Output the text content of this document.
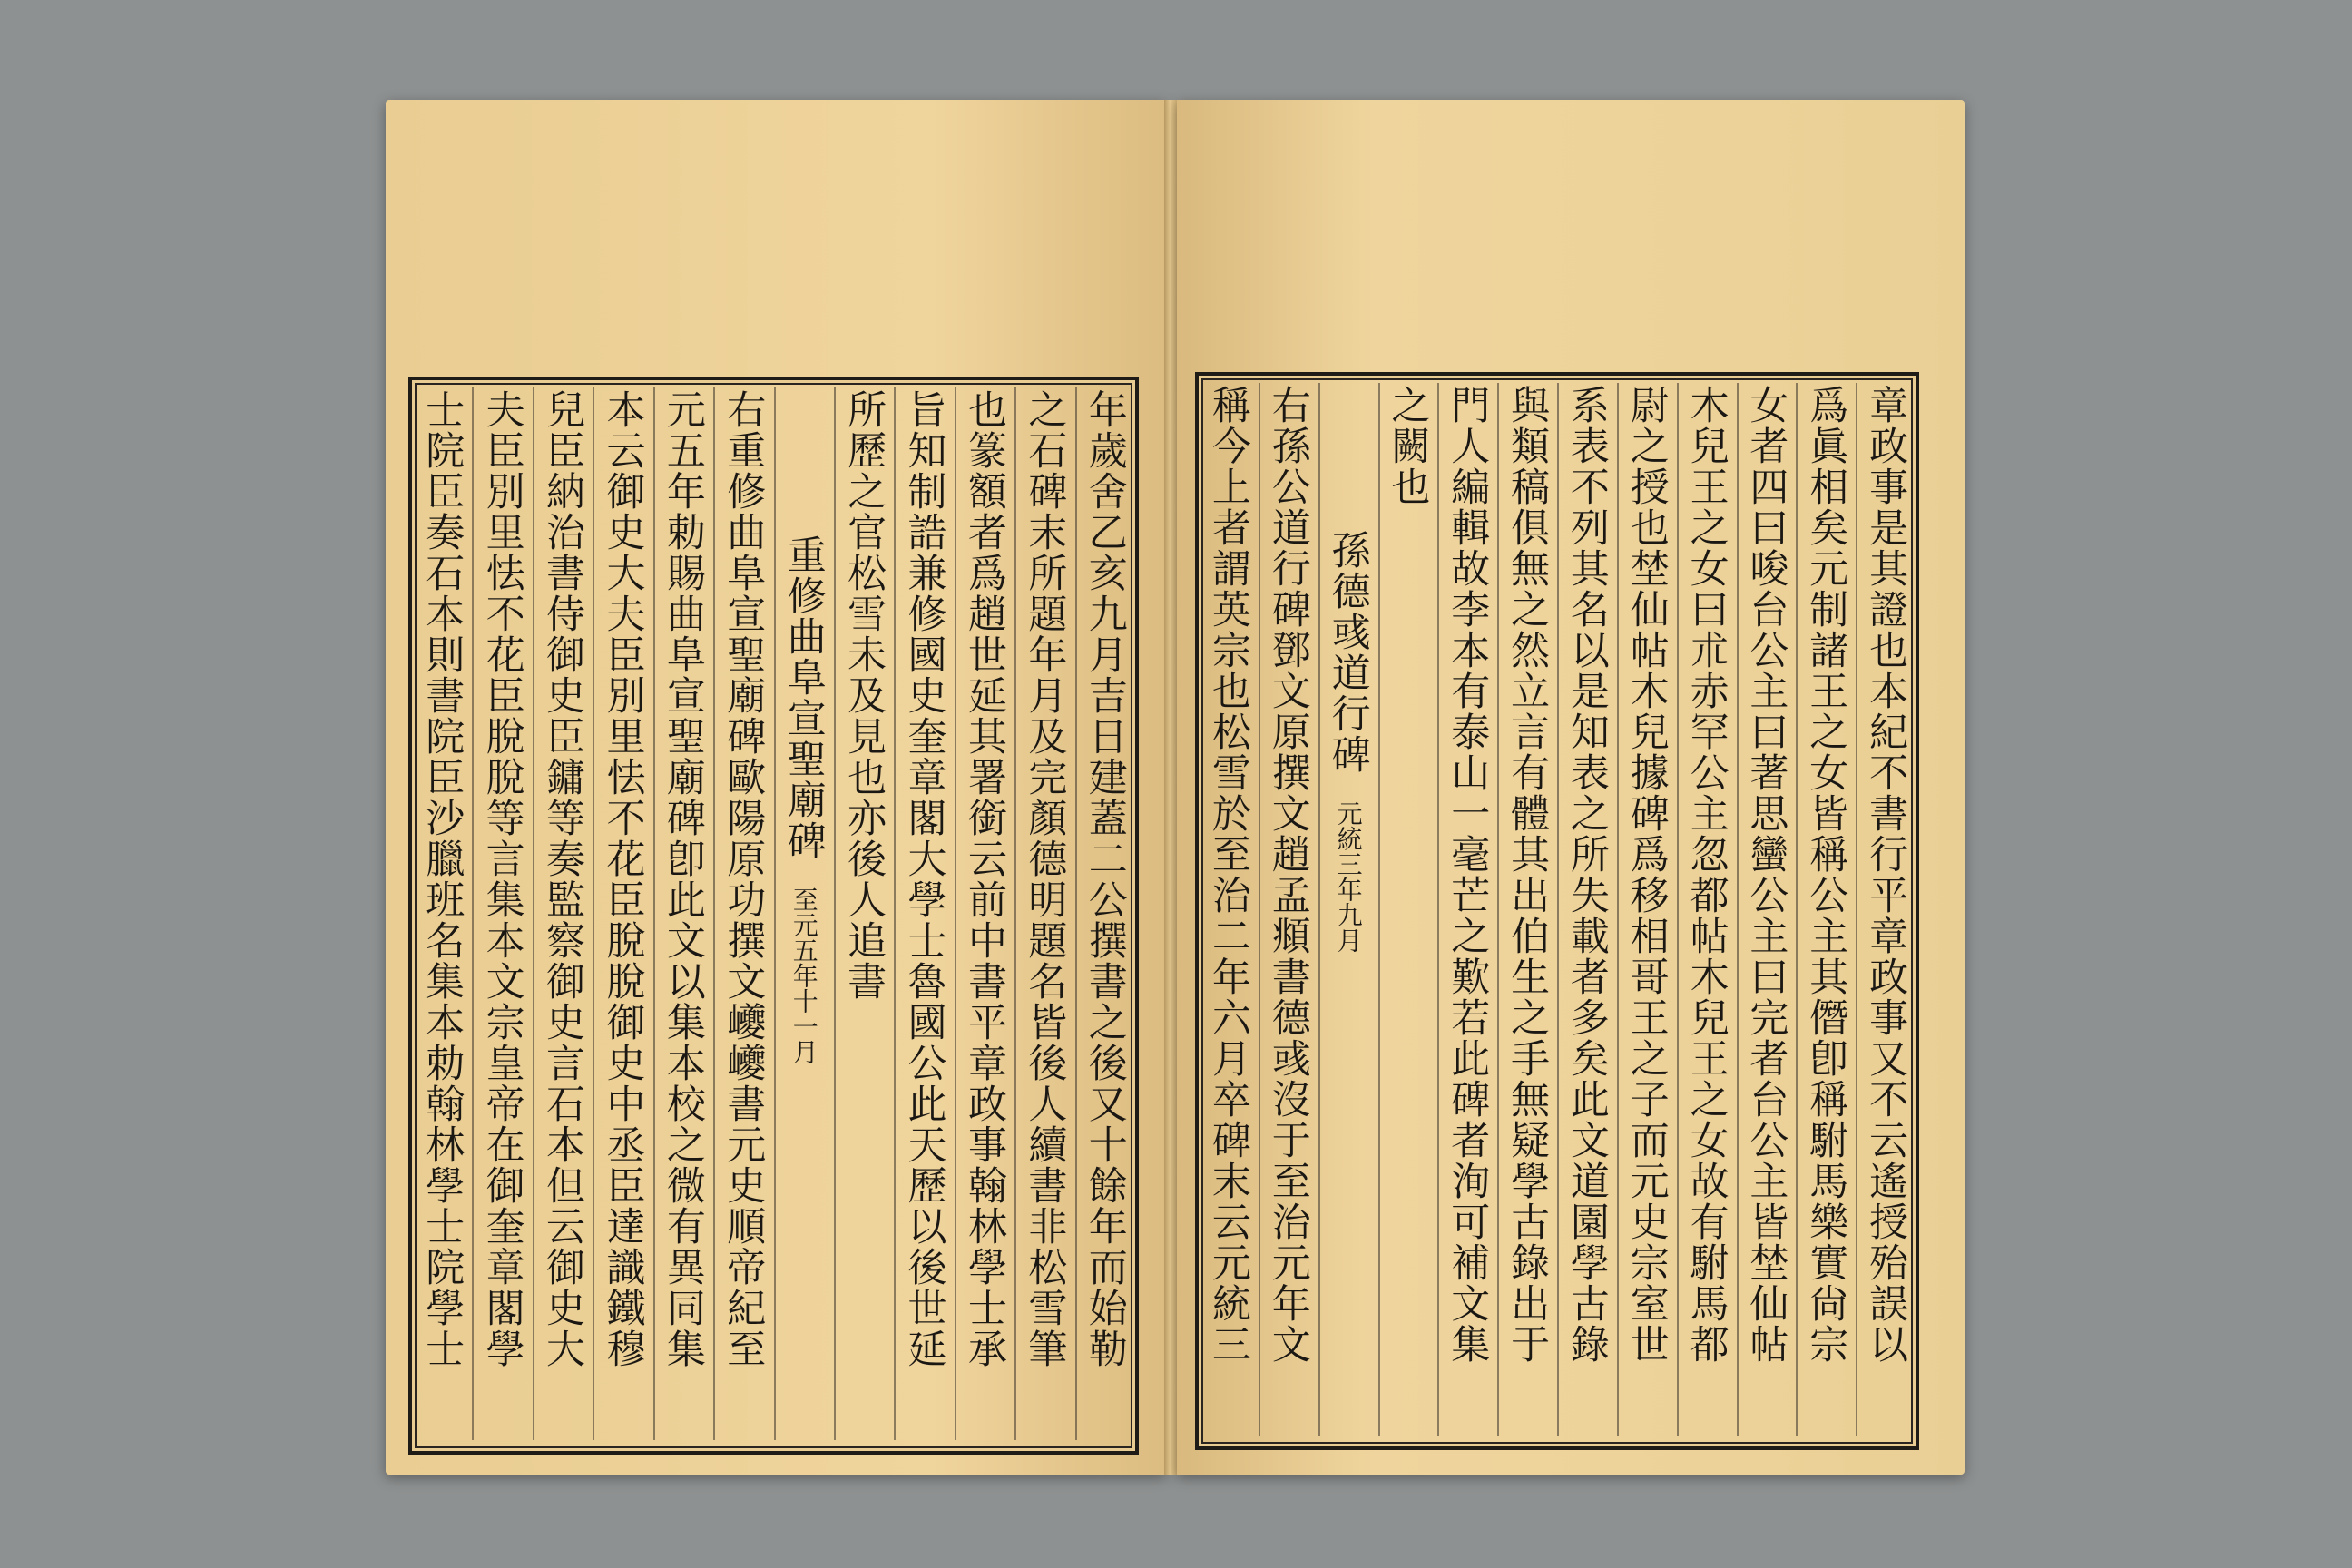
年歲舍乙亥九月吉日建蓋二公撰書之後又十餘年而始勒
之石碑末所題年月及完顏德明題名皆後人續書非松雪筆
也篆額者爲趙世延其署銜云前中書平章政事翰林學士承
旨知制誥兼修國史奎章閣大學士魯國公此天歷以後世延
所歷之官松雪未及見也亦後人追書
重修曲阜宣聖廟碑　至元五年十一月
右重修曲阜宣聖廟碑歐陽原功撰文巙巙書元史順帝紀至
元五年勅賜曲阜宣聖廟碑卽此文以集本校之微有異同集
本云御史大夫臣別里怯不花臣脫脫御史中丞臣達識鐵穆
兒臣納治書侍御史臣鏞等奏監察御史言石本但云御史大
夫臣別里怯不花臣脫脫等言集本文宗皇帝在御奎章閣學
士院臣奏石本則書院臣沙臘班名集本勅翰林學士院學士	章政事是其證也本紀不書行平章政事又不云遙授殆誤以
爲眞相矣元制諸王之女皆稱公主其僭卽稱駙馬樂實尙宗
女者四曰唆台公主曰著思蠻公主曰完者台公主皆埜仙帖
木兒王之女曰朮赤罕公主忽都帖木兒王之女故有駙馬都
尉之授也埜仙帖木兒據碑爲移相哥王之子而元史宗室世
系表不列其名以是知表之所失載者多矣此文道園學古錄
與類稿俱無之然立言有體其出伯生之手無疑學古錄出于
門人編輯故李本有泰山一毫芒之歎若此碑者洵可補文集
之闕也
孫德彧道行碑　元統三年九月
右孫公道行碑鄧文原撰文趙孟頫書德彧沒于至治元年文
稱今上者謂英宗也松雪於至治二年六月卒碑末云元統三
